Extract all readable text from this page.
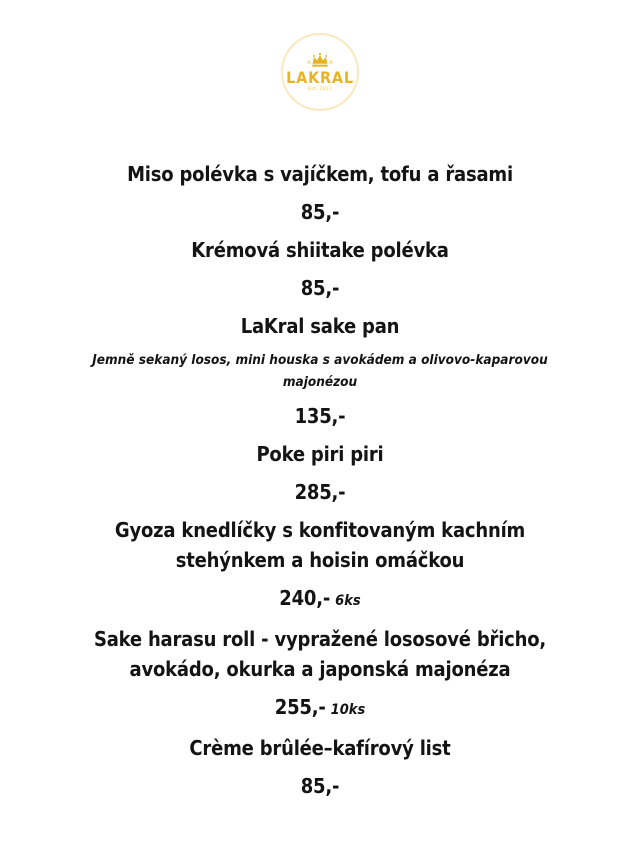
LAKRAL
Est. 2013
Miso polévka s vajíčkem, tofu a řasami
85,-
Krémová shiitake polévka
85,-
LaKral sake pan
Jemně sekaný losos, mini houska s avokádem a olivovo-kaparovou majonézou
135,-
Poke piri piri
285,-
Gyoza knedlíčky s konfitovaným kachním stehýnkem a hoisin omáčkou
240,- 6ks
Sake harasu roll - vypražené lososové břicho, avokádo, okurka a japonská majonéza
255,- 10ks
Crème brûlée–kafírový list
85,-
